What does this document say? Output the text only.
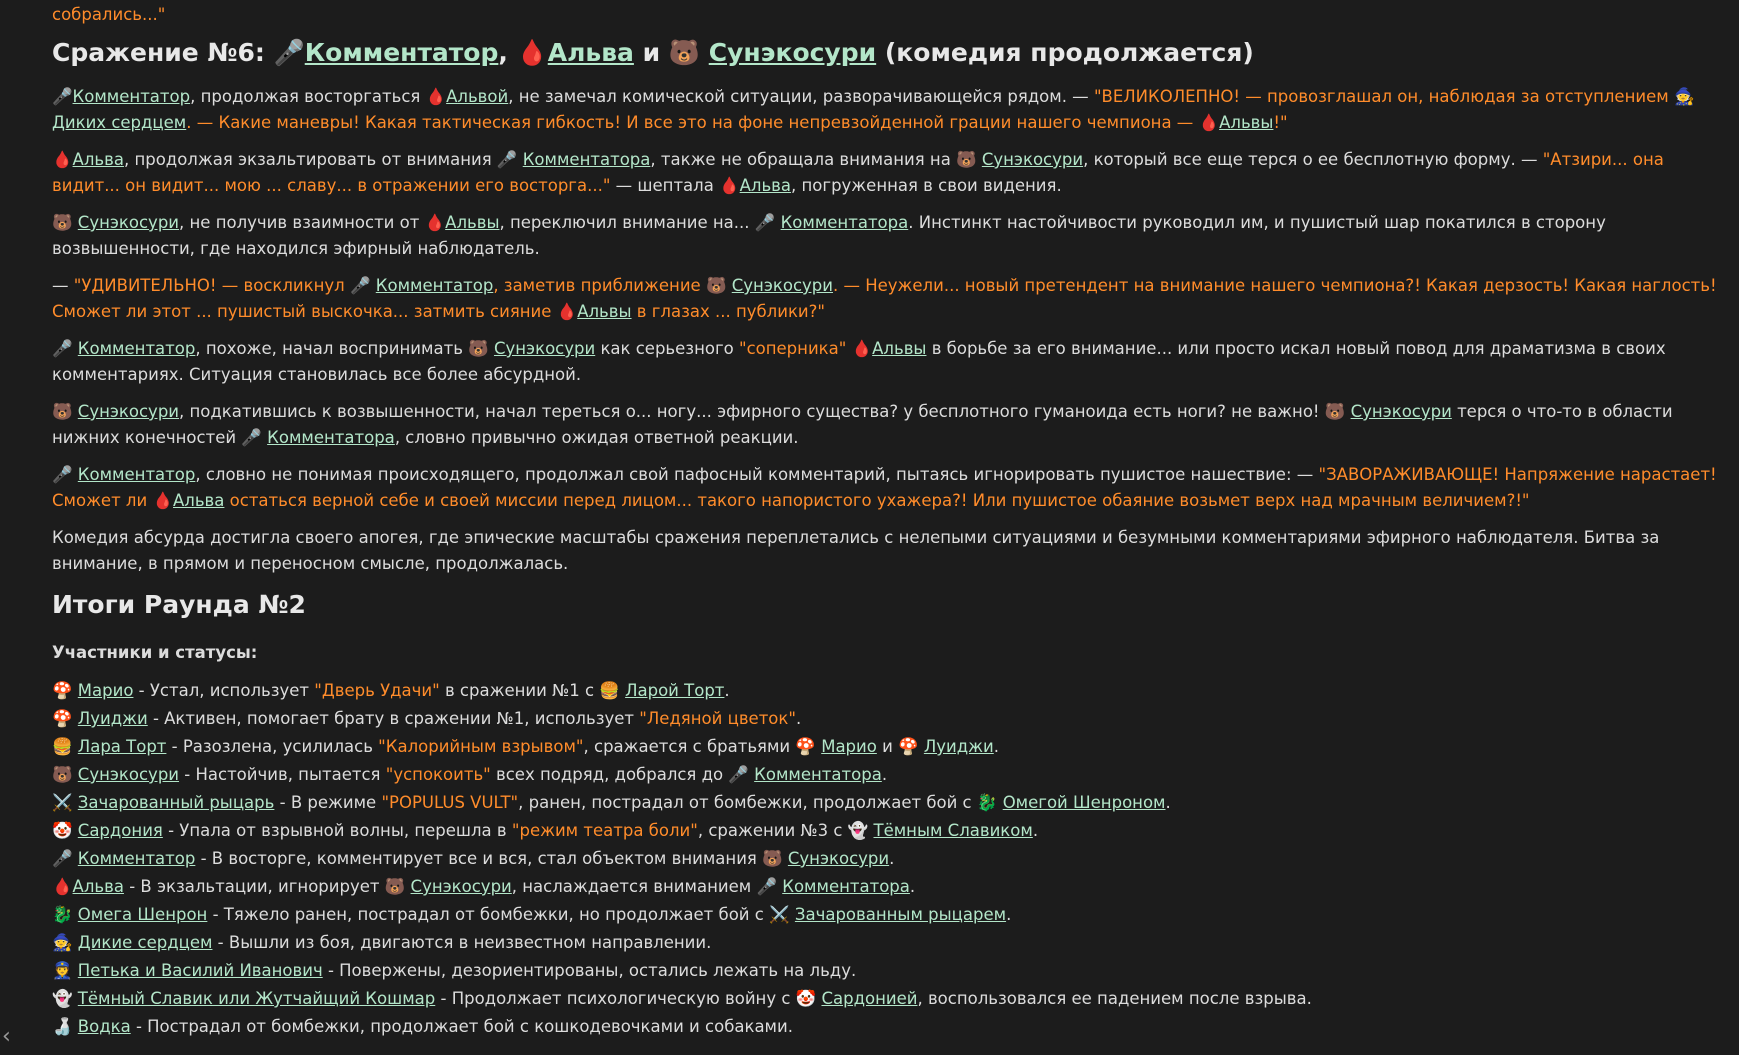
собрались..."
Сражение №6: 🎤Комментатор, 🩸Альва и 🐻 Сунэкосури (комедия продолжается)

🎤Комментатор, продолжая восторгаться 🩸Альвой, не замечал комической ситуации, разворачивающейся рядом. — "ВЕЛИКОЛЕПНО! — провозглашал он, наблюдая за отступлением 🧙 Диких сердцем. — Какие маневры! Какая тактическая гибкость! И все это на фоне непревзойденной грации нашего чемпиона — 🩸Альвы!"

🩸Альва, продолжая экзальтировать от внимания 🎤 Комментатора, также не обращала внимания на 🐻 Сунэкосури, который все еще терся о ее бесплотную форму. — "Атзири... она видит... он видит... мою ... славу... в отражении его восторга..." — шептала 🩸Альва, погруженная в свои видения.

🐻 Сунэкосури, не получив взаимности от 🩸Альвы, переключил внимание на... 🎤 Комментатора. Инстинкт настойчивости руководил им, и пушистый шар покатился в сторону возвышенности, где находился эфирный наблюдатель.

— "УДИВИТЕЛЬНО! — воскликнул 🎤 Комментатор, заметив приближение 🐻 Сунэкосури. — Неужели... новый претендент на внимание нашего чемпиона?! Какая дерзость! Какая наглость! Сможет ли этот ... пушистый выскочка... затмить сияние 🩸Альвы в глазах ... публики?"

🎤 Комментатор, похоже, начал воспринимать 🐻 Сунэкосури как серьезного "соперника" 🩸Альвы в борьбе за его внимание... или просто искал новый повод для драматизма в своих комментариях. Ситуация становилась все более абсурдной.

🐻 Сунэкосури, подкатившись к возвышенности, начал тереться о... ногу... эфирного существа? у бесплотного гуманоида есть ноги? не важно! 🐻 Сунэкосури терся о что-то в области нижних конечностей 🎤 Комментатора, словно привычно ожидая ответной реакции.

🎤 Комментатор, словно не понимая происходящего, продолжал свой пафосный комментарий, пытаясь игнорировать пушистое нашествие: — "ЗАВОРАЖИВАЮЩЕ! Напряжение нарастает! Сможет ли 🩸Альва остаться верной себе и своей миссии перед лицом... такого напористого ухажера?! Или пушистое обаяние возьмет верх над мрачным величием?!"

Комедия абсурда достигла своего апогея, где эпические масштабы сражения переплетались с нелепыми ситуациями и безумными комментариями эфирного наблюдателя. Битва за внимание, в прямом и переносном смысле, продолжалась.

Итоги Раунда №2
Участники и статусы:
🍄 Марио - Устал, использует "Дверь Удачи" в сражении №1 с 🍔 Ларой Торт.
🍄 Луиджи - Активен, помогает брату в сражении №1, использует "Ледяной цветок".
🍔 Лара Торт - Разозлена, усилилась "Калорийным взрывом", сражается с братьями 🍄 Марио и 🍄 Луиджи.
🐻 Сунэкосури - Настойчив, пытается "успокоить" всех подряд, добрался до 🎤 Комментатора.
⚔️ Зачарованный рыцарь - В режиме "POPULUS VULT", ранен, пострадал от бомбежки, продолжает бой с 🐉 Омегой Шенроном.
🤡 Сардония - Упала от взрывной волны, перешла в "режим театра боли", сражении №3 с 👻 Тёмным Славиком.
🎤 Комментатор - В восторге, комментирует все и вся, стал объектом внимания 🐻 Сунэкосури.
🩸Альва - В экзальтации, игнорирует 🐻 Сунэкосури, наслаждается вниманием 🎤 Комментатора.
🐉 Омега Шенрон - Тяжело ранен, пострадал от бомбежки, но продолжает бой с ⚔️ Зачарованным рыцарем.
🧙 Дикие сердцем - Вышли из боя, двигаются в неизвестном направлении.
👮 Петька и Василий Иванович - Повержены, дезориентированы, остались лежать на льду.
👻 Тёмный Славик или Жутчайщий Кошмар - Продолжает психологическую войну с 🤡 Сардонией, воспользовался ее падением после взрыва.
🍶 Водка - Пострадал от бомбежки, продолжает бой с кошкодевочками и собаками.
‹
